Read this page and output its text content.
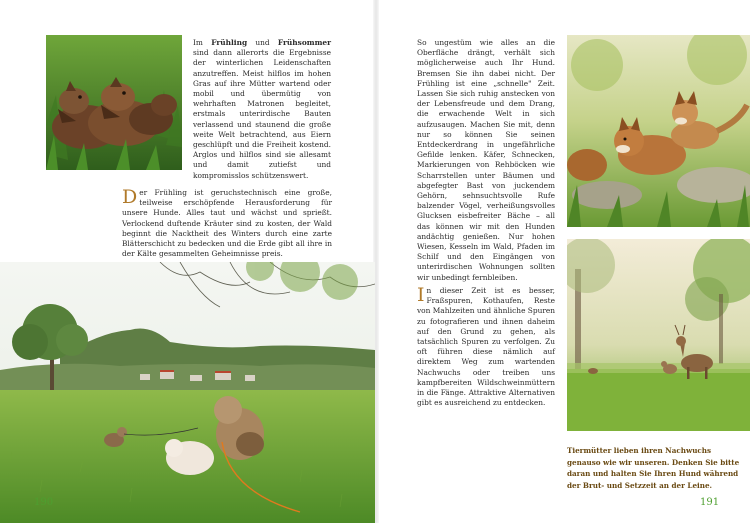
Im Frühling und Frühsommer sind dann allerorts die Ergebnisse der winterlichen Leidenschaften anzutreffen. Meist hilflos im hohen Gras auf ihre Mütter wartend oder mobil und übermütig von wehrhaften Matronen begleitet, erstmals unterirdische Bauten verlassend und staunend die große weite Welt betrachtend, aus Eiern geschlüpft und die Freiheit kostend. Arglos und hilflos sind sie allesamt und damit zutiefst und kompromisslos schützenswert.
Der Frühling ist geruchstechnisch eine große, teilweise erschöpfende Herausforderung für unsere Hunde. Alles taut und wächst und sprießt. Verlockend duftende Kräuter sind zu kosten, der Wald beginnt die Nacktheit des Winters durch eine zarte Blätterschicht zu bedecken und die Erde gibt all ihre in der Kälte gesammelten Geheimnisse preis.
190
So ungestüm wie alles an die Oberfläche drängt, verhält sich möglicherweise auch Ihr Hund. Bremsen Sie ihn dabei nicht. Der Frühling ist eine „schnelle" Zeit. Lassen Sie sich ruhig anstecken von der Lebensfreude und dem Drang, die erwachende Welt in sich aufzusaugen. Machen Sie mit, denn nur so können Sie seinen Entdeckerdrang in ungefährliche Gefilde lenken. Käfer, Schnecken, Markierungen von Rehböcken wie Scharrstellen unter Bäumen und abgefegter Bast von juckendem Gehörn, sehnsuchtsvolle Rufe balzender Vögel, verheißungsvolles Glucksen eisbefreiter Bäche – all das können wir mit den Hunden andächtig genießen. Nur hohen Wiesen, Kesseln im Wald, Pfaden im Schilf und den Eingängen von unterirdischen Wohnungen sollten wir unbedingt fernbleiben.
In dieser Zeit ist es besser, Fraßspuren, Kothaufen, Reste von Mahlzeiten und ähnliche Spuren zu fotografieren und ihnen daheim auf den Grund zu gehen, als tatsächlich Spuren zu verfolgen. Zu oft führen diese nämlich auf direktem Weg zum wartenden Nachwuchs oder treiben uns kampfbereiten Wildschweinmüttern in die Fänge. Attraktive Alternativen gibt es ausreichend zu entdecken.
Tiermütter lieben ihren Nachwuchs genauso wie wir unseren. Denken Sie bitte daran und halten Sie Ihren Hund während der Brut- und Setzzeit an der Leine.
191
